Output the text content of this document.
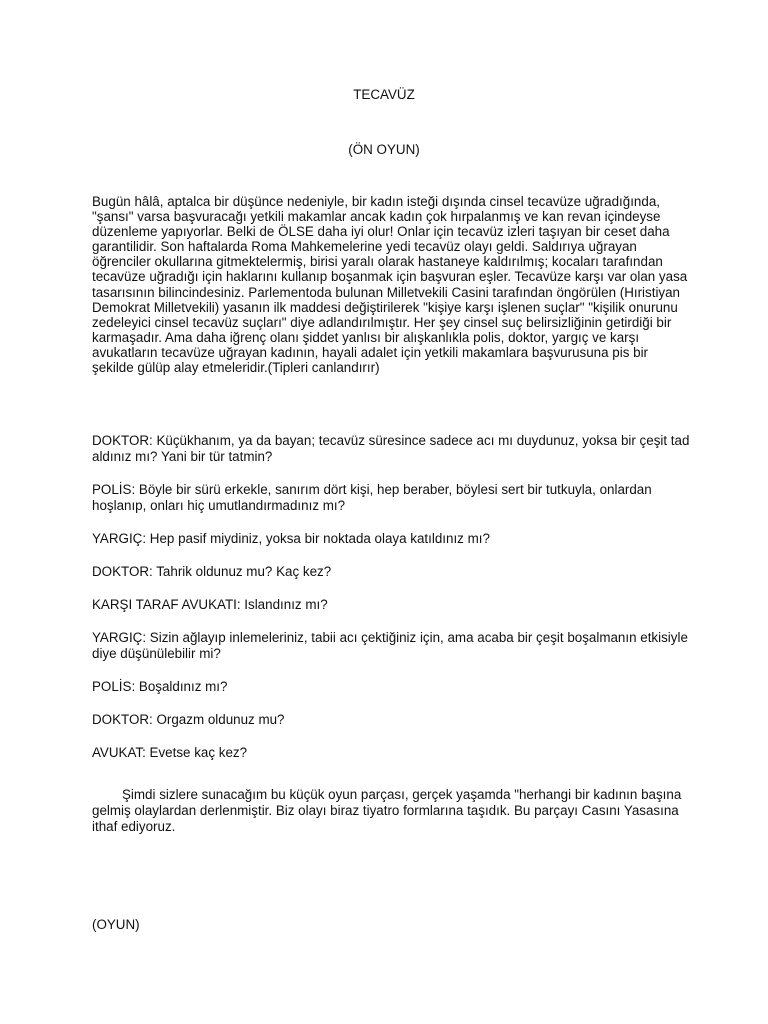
TECAVÜZ
(ÖN OYUN)
Bugün hâlâ, aptalca bir düşünce nedeniyle, bir kadın isteği dışında cinsel tecavüze uğradığında, "şansı" varsa başvuracağı yetkili makamlar ancak kadın çok hırpalanmış ve kan revan içindeyse düzenleme yapıyorlar. Belki de ÖLSE daha iyi olur! Onlar için tecavüz izleri taşıyan bir ceset daha garantilidir. Son haftalarda Roma Mahkemelerine yedi tecavüz olayı geldi. Saldırıya uğrayan öğrenciler okullarına gitmektelermiş, birisi yaralı olarak hastaneye kaldırılmış; kocaları tarafından tecavüze uğradığı için haklarını kullanıp boşanmak için başvuran eşler. Tecavüze karşı var olan yasa tasarısının bilincindesiniz. Parlementoda bulunan Milletvekili Casini tarafından öngörülen (Hıristiyan Demokrat Milletvekili) yasanın ilk maddesi değiştirilerek "kişiye karşı işlenen suçlar" "kişilik onurunu zedeleyici cinsel tecavüz suçları" diye adlandırılmıştır. Her şey cinsel suç belirsizliğinin getirdiği bir karmaşadır. Ama daha iğrenç olanı şiddet yanlısı bir alışkanlıkla polis, doktor, yargıç ve karşı avukatların tecavüze uğrayan kadının, hayali adalet için yetkili makamlara başvurusuna pis bir şekilde gülüp alay etmeleridir.(Tipleri canlandırır)

DOKTOR: Küçükhanım, ya da bayan; tecavüz süresince sadece acı mı duydunuz, yoksa bir çeşit tad aldınız mı? Yani bir tür tatmin?

POLİS: Böyle bir sürü erkekle, sanırım dört kişi, hep beraber, böylesi sert bir tutkuyla, onlardan hoşlanıp, onları hiç umutlandırmadınız mı?

YARGIÇ: Hep pasif miydiniz, yoksa bir noktada olaya katıldınız mı?

DOKTOR: Tahrik oldunuz mu? Kaç kez?

KARŞI TARAF AVUKATI: Islandınız mı?

YARGIÇ: Sizin ağlayıp inlemeleriniz, tabii acı çektiğiniz için, ama acaba bir çeşit boşalmanın etkisiyle diye düşünülebilir mi?

POLİS: Boşaldınız mı?

DOKTOR: Orgazm oldunuz mu?

AVUKAT: Evetse kaç kez?

Şimdi sizlere sunacağım bu küçük oyun parçası, gerçek yaşamda "herhangi bir kadının başına gelmiş olaylardan derlenmiştir. Biz olayı biraz tiyatro formlarına taşıdık. Bu parçayı Casını Yasasına ithaf ediyoruz.
(OYUN)
